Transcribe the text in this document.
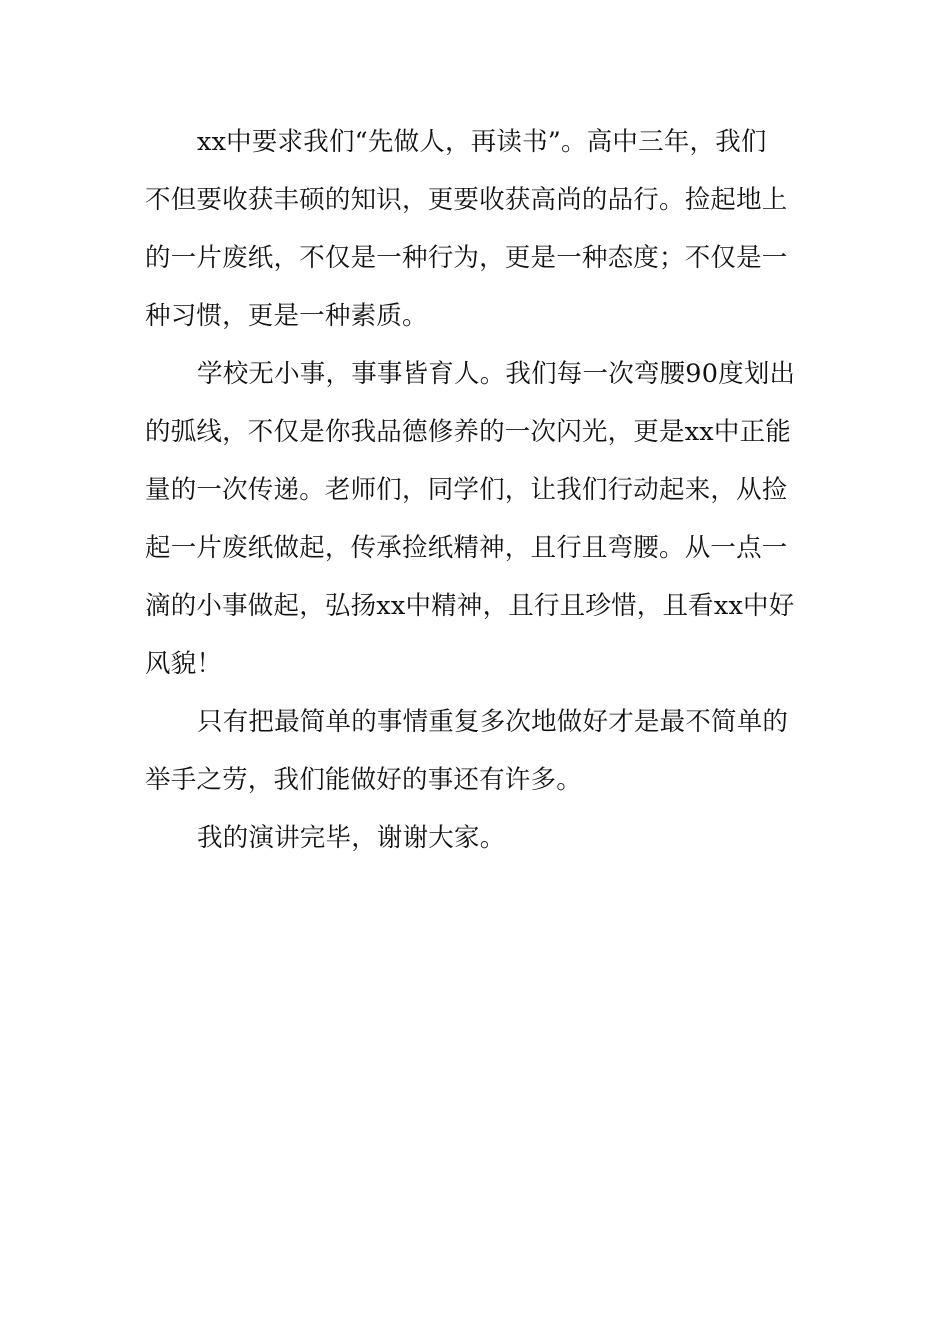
xx中要求我们“先做人，再读书”。高中三年，我们
不但要收获丰硕的知识，更要收获高尚的品行。捡起地上
的一片废纸，不仅是一种行为，更是一种态度；不仅是一
种习惯，更是一种素质。
学校无小事，事事皆育人。我们每一次弯腰90度划出
的弧线，不仅是你我品德修养的一次闪光，更是xx中正能
量的一次传递。老师们，同学们，让我们行动起来，从捡
起一片废纸做起，传承捡纸精神，且行且弯腰。从一点一
滴的小事做起，弘扬xx中精神，且行且珍惜，且看xx中好
风貌！
只有把最简单的事情重复多次地做好才是最不简单的
举手之劳，我们能做好的事还有许多。
我的演讲完毕，谢谢大家。
